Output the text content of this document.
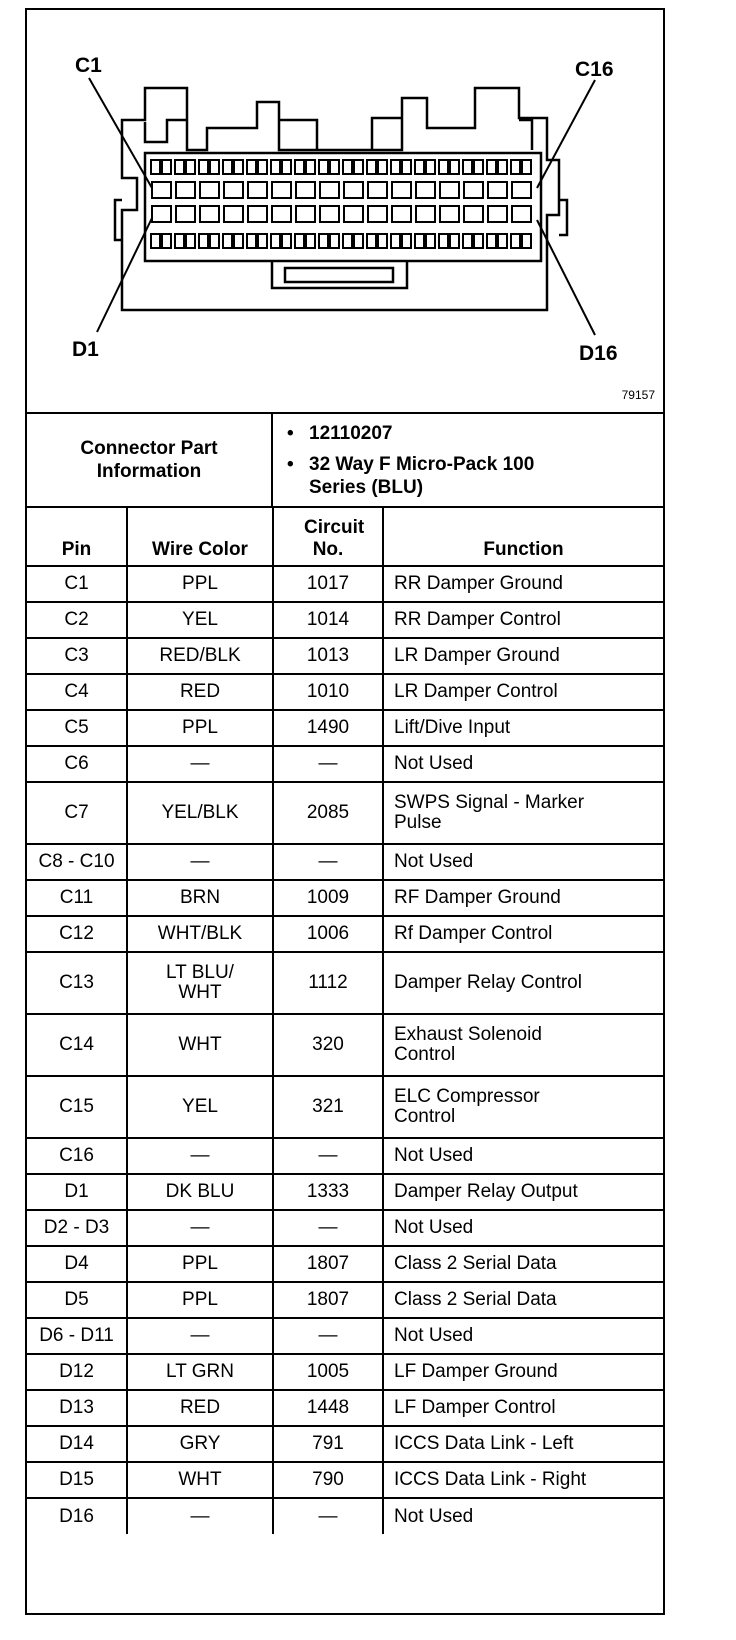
C1	C16
D1	D16
79157
Connector Part Information
• 12110207
• 32 Way F Micro-Pack 100 Series (BLU)
Pin	Wire Color	Circuit No.	Function
C1	PPL	1017	RR Damper Ground
C2	YEL	1014	RR Damper Control
C3	RED/BLK	1013	LR Damper Ground
C4	RED	1010	LR Damper Control
C5	PPL	1490	Lift/Dive Input
C6	—	—	Not Used
C7	YEL/BLK	2085	SWPS Signal - Marker Pulse
C8 - C10	—	—	Not Used
C11	BRN	1009	RF Damper Ground
C12	WHT/BLK	1006	Rf Damper Control
C13	LT BLU/ WHT	1112	Damper Relay Control
C14	WHT	320	Exhaust Solenoid Control
C15	YEL	321	ELC Compressor Control
C16	—	—	Not Used
D1	DK BLU	1333	Damper Relay Output
D2 - D3	—	—	Not Used
D4	PPL	1807	Class 2 Serial Data
D5	PPL	1807	Class 2 Serial Data
D6 - D11	—	—	Not Used
D12	LT GRN	1005	LF Damper Ground
D13	RED	1448	LF Damper Control
D14	GRY	791	ICCS Data Link - Left
D15	WHT	790	ICCS Data Link - Right
D16	—	—	Not Used
